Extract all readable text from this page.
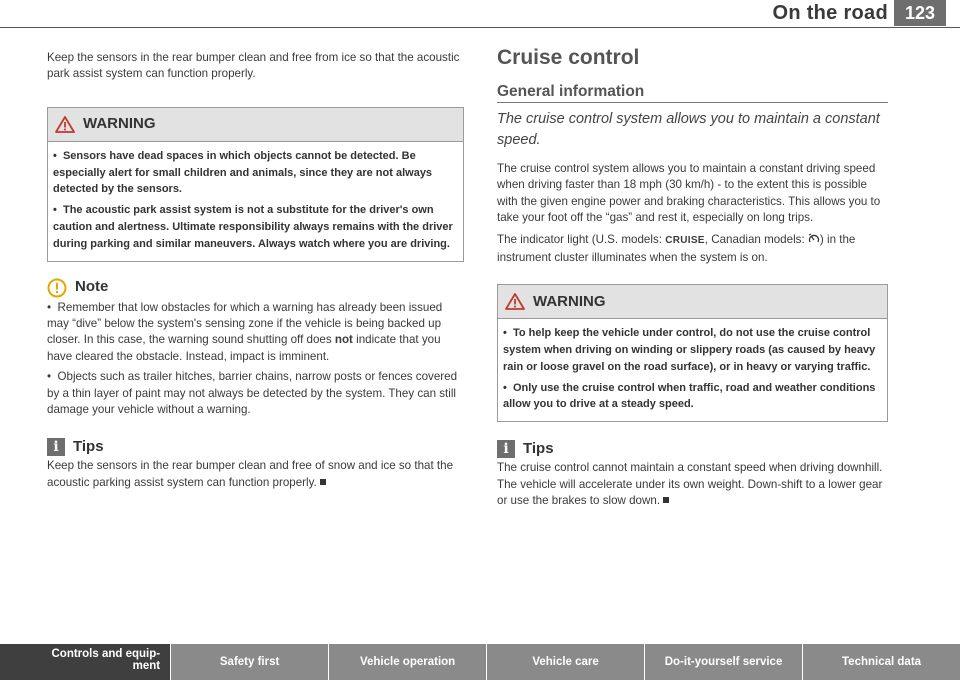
On the road 123

Keep the sensors in the rear bumper clean and free from ice so that the acoustic park assist system can function properly.

WARNING

•  Sensors have dead spaces in which objects cannot be detected. Be especially alert for small children and animals, since they are not always detected by the sensors.

•  The acoustic park assist system is not a substitute for the driver's own caution and alertness. Ultimate responsibility always remains with the driver during parking and similar maneuvers. Always watch where you are driving.

Note

•  Remember that low obstacles for which a warning has already been issued may “dive” below the system's sensing zone if the vehicle is being backed up closer. In this case, the warning sound shutting off does not indicate that you have cleared the obstacle. Instead, impact is imminent.

•  Objects such as trailer hitches, barrier chains, narrow posts or fences covered by a thin layer of paint may not always be detected by the system. They can still damage your vehicle without a warning.

i Tips

Keep the sensors in the rear bumper clean and free of snow and ice so that the acoustic parking assist system can function properly.

Cruise control
General information

The cruise control system allows you to maintain a constant speed.

The cruise control system allows you to maintain a constant driving speed when driving faster than 18 mph (30 km/h) - to the extent this is possible with the given engine power and braking characteristics. This allows you to take your foot off the “gas” and rest it, especially on long trips.

The indicator light (U.S. models: CRUISE, Canadian models: ) in the instrument cluster illuminates when the system is on.

WARNING

•  To help keep the vehicle under control, do not use the cruise control system when driving on winding or slippery roads (as caused by heavy rain or loose gravel on the road surface), or in heavy or varying traffic.

•  Only use the cruise control when traffic, road and weather conditions allow you to drive at a steady speed.

i Tips

The cruise control cannot maintain a constant speed when driving downhill. The vehicle will accelerate under its own weight. Down-shift to a lower gear or use the brakes to slow down.

Controls and equip-
ment	Safety first	Vehicle operation	Vehicle care	Do-it-yourself service	Technical data
